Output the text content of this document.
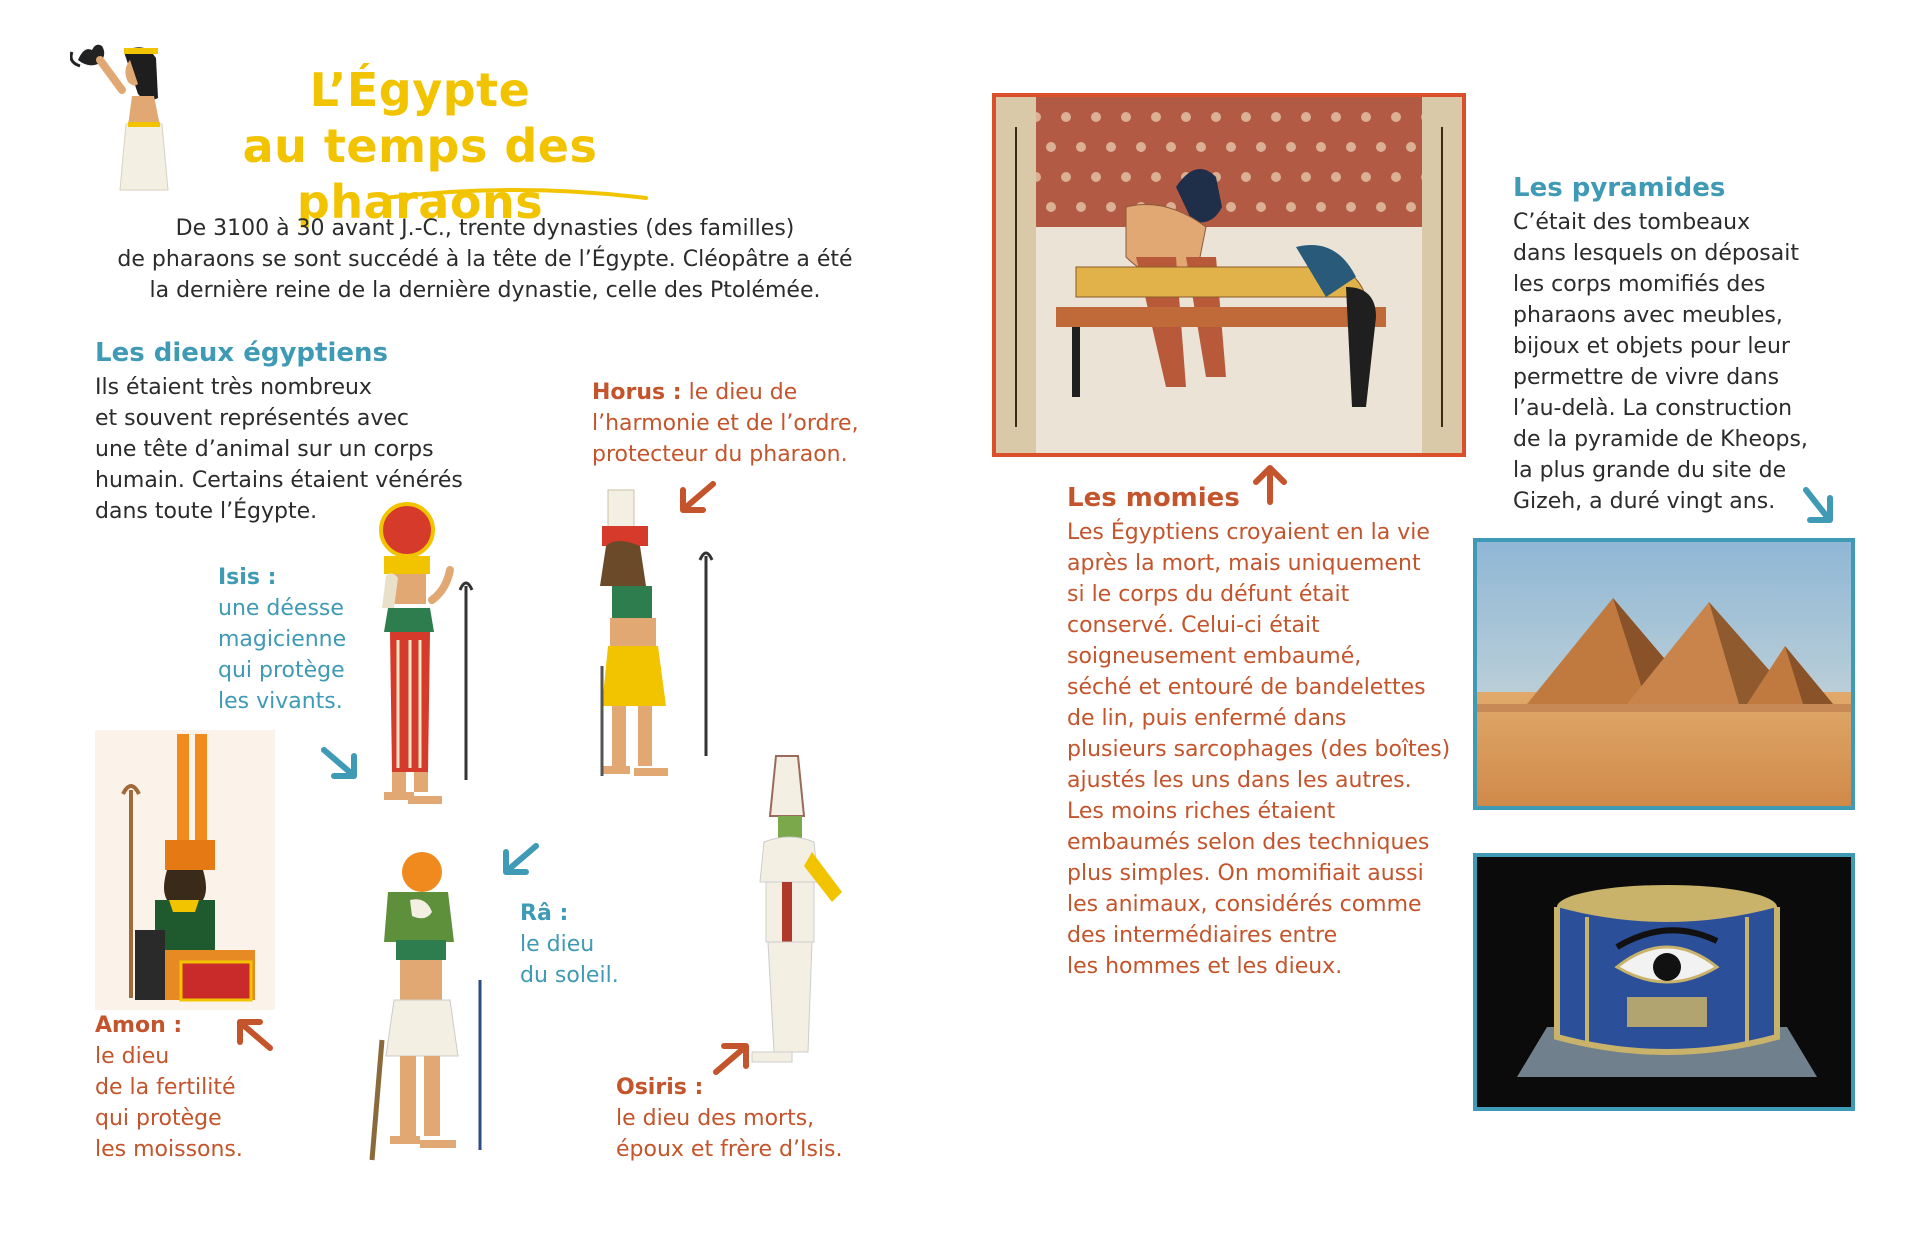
L’Égypte
au temps des pharaons
De 3100 à 30 avant J.-C., trente dynasties (des familles)
de pharaons se sont succédé à la tête de l’Égypte. Cléopâtre a été
la dernière reine de la dernière dynastie, celle des Ptolémée.
Les dieux égyptiens
Ils étaient très nombreux
et souvent représentés avec
une tête d’animal sur un corps
humain. Certains étaient vénérés
dans toute l’Égypte.
Horus : le dieu de
l’harmonie et de l’ordre,
protecteur du pharaon.
Isis :
une déesse
magicienne
qui protège
les vivants.
Amon :
le dieu
de la fertilité
qui protège
les moissons.
Râ :
le dieu
du soleil.
Osiris :
le dieu des morts,
époux et frère d’Isis.
Les momies
Les Égyptiens croyaient en la vie
après la mort, mais uniquement
si le corps du défunt était
conservé. Celui-ci était
soigneusement embaumé,
séché et entouré de bandelettes
de lin, puis enfermé dans
plusieurs sarcophages (des boîtes)
ajustés les uns dans les autres.
Les moins riches étaient
embaumés selon des techniques
plus simples. On momifiait aussi
les animaux, considérés comme
des intermédiaires entre
les hommes et les dieux.
Les pyramides
C’était des tombeaux
dans lesquels on déposait
les corps momifiés des
pharaons avec meubles,
bijoux et objets pour leur
permettre de vivre dans
l’au-delà. La construction
de la pyramide de Kheops,
la plus grande du site de
Gizeh, a duré vingt ans.
